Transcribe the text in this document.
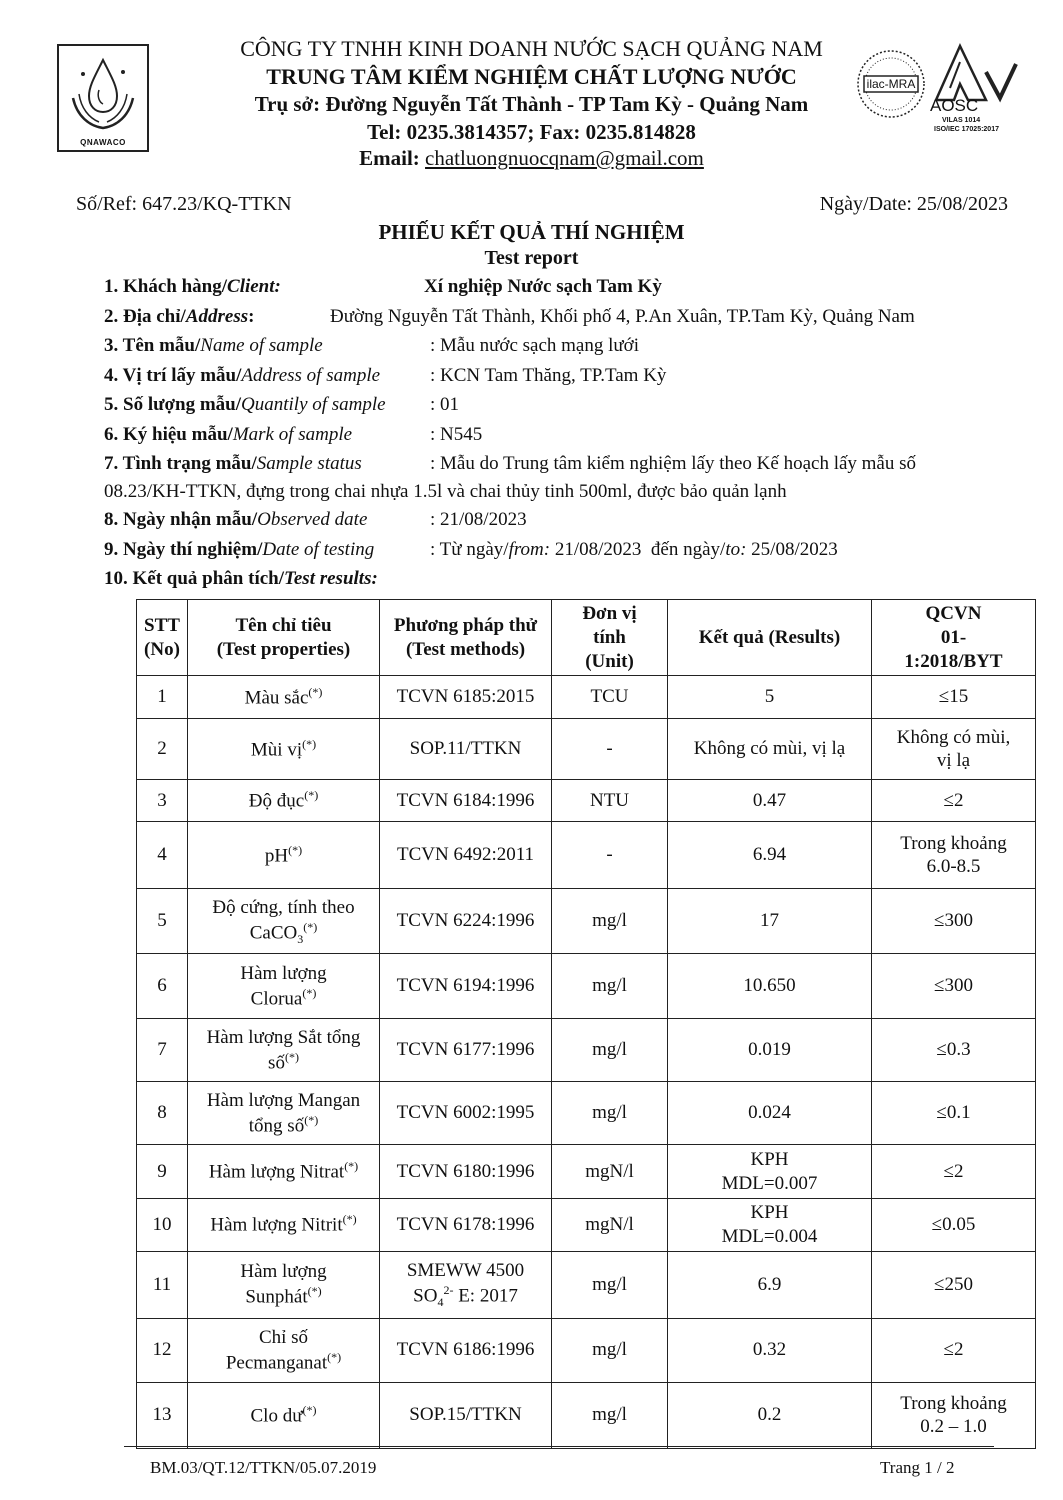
QNAWACO
CÔNG TY TNHH KINH DOANH NƯỚC SẠCH QUẢNG NAM
TRUNG TÂM KIỂM NGHIỆM CHẤT LƯỢNG NƯỚC
Trụ sở: Đường Nguyễn Tất Thành - TP Tam Kỳ - Quảng Nam
Tel: 0235.3814357; Fax: 0235.814828
Email: chatluongnuocqnam@gmail.com
ilac-MRA
AOSC
VILAS 1014
ISO/IEC 17025:2017
Số/Ref: 647.23/KQ-TTKN	Ngày/Date: 25/08/2023
PHIẾU KẾT QUẢ THÍ NGHIỆM
Test report
1. Khách hàng/Client:	Xí nghiệp Nước sạch Tam Kỳ
2. Địa chỉ/Address:	Đường Nguyễn Tất Thành, Khối phố 4, P.An Xuân, TP.Tam Kỳ, Quảng Nam
3. Tên mẫu/Name of sample	: Mẫu nước sạch mạng lưới
4. Vị trí lấy mẫu/Address of sample	: KCN Tam Thăng, TP.Tam Kỳ
5. Số lượng mẫu/Quantily of sample : 01
6. Ký hiệu mẫu/Mark of sample	: N545
7. Tình trạng mẫu/Sample status	: Mẫu do Trung tâm kiểm nghiệm lấy theo Kế hoạch lấy mẫu số
08.23/KH-TTKN, đựng trong chai nhựa 1.5l và chai thủy tinh 500ml, được bảo quản lạnh
8. Ngày nhận mẫu/Observed date	: 21/08/2023
9. Ngày thí nghiệm/Date of testing	: Từ ngày/from: 21/08/2023 đến ngày/to: 25/08/2023
10. Kết quả phân tích/Test results:
STT
(No)	Tên chỉ tiêu
(Test properties)	Phương pháp thử
(Test methods)	Đơn vị
tính
(Unit)	Kết quả (Results)	QCVN
01-
1:2018/BYT
1	Màu sắc(*)	TCVN 6185:2015	TCU	5	≤15
2	Mùi vị(*)	SOP.11/TTKN	-	Không có mùi, vị lạ	Không có mùi,
vị lạ
3	Độ đục(*)	TCVN 6184:1996	NTU	0.47	≤2
4	pH(*)	TCVN 6492:2011	-	6.94	Trong khoảng
6.0-8.5
5	Độ cứng, tính theo
CaCO$_3$(*)	TCVN 6224:1996	mg/l	17	≤300
6	Hàm lượng
Clorua(*)	TCVN 6194:1996	mg/l	10.650	≤300
7	Hàm lượng Sắt tổng
số(*)	TCVN 6177:1996	mg/l	0.019	≤0.3
8	Hàm lượng Mangan
tổng số(*)	TCVN 6002:1995	mg/l	0.024	≤0.1
9	Hàm lượng Nitrat(*)	TCVN 6180:1996	mgN/l	KPH
MDL=0.007	≤2
10	Hàm lượng Nitrit(*)	TCVN 6178:1996	mgN/l	KPH
MDL=0.004	≤0.05
11	Hàm lượng
Sunphát(*)	SMEWW 4500
$SO_4^{2-}$ E: 2017	mg/l	6.9	≤250
12	Chỉ số
Pecmanganat(*)	TCVN 6186:1996	mg/l	0.32	≤2
13	Clo dư(*)	SOP.15/TTKN	mg/l	0.2	Trong khoảng
0.2 – 1.0
BM.03/QT.12/TTKN/05.07.2019	Trang 1 / 2
